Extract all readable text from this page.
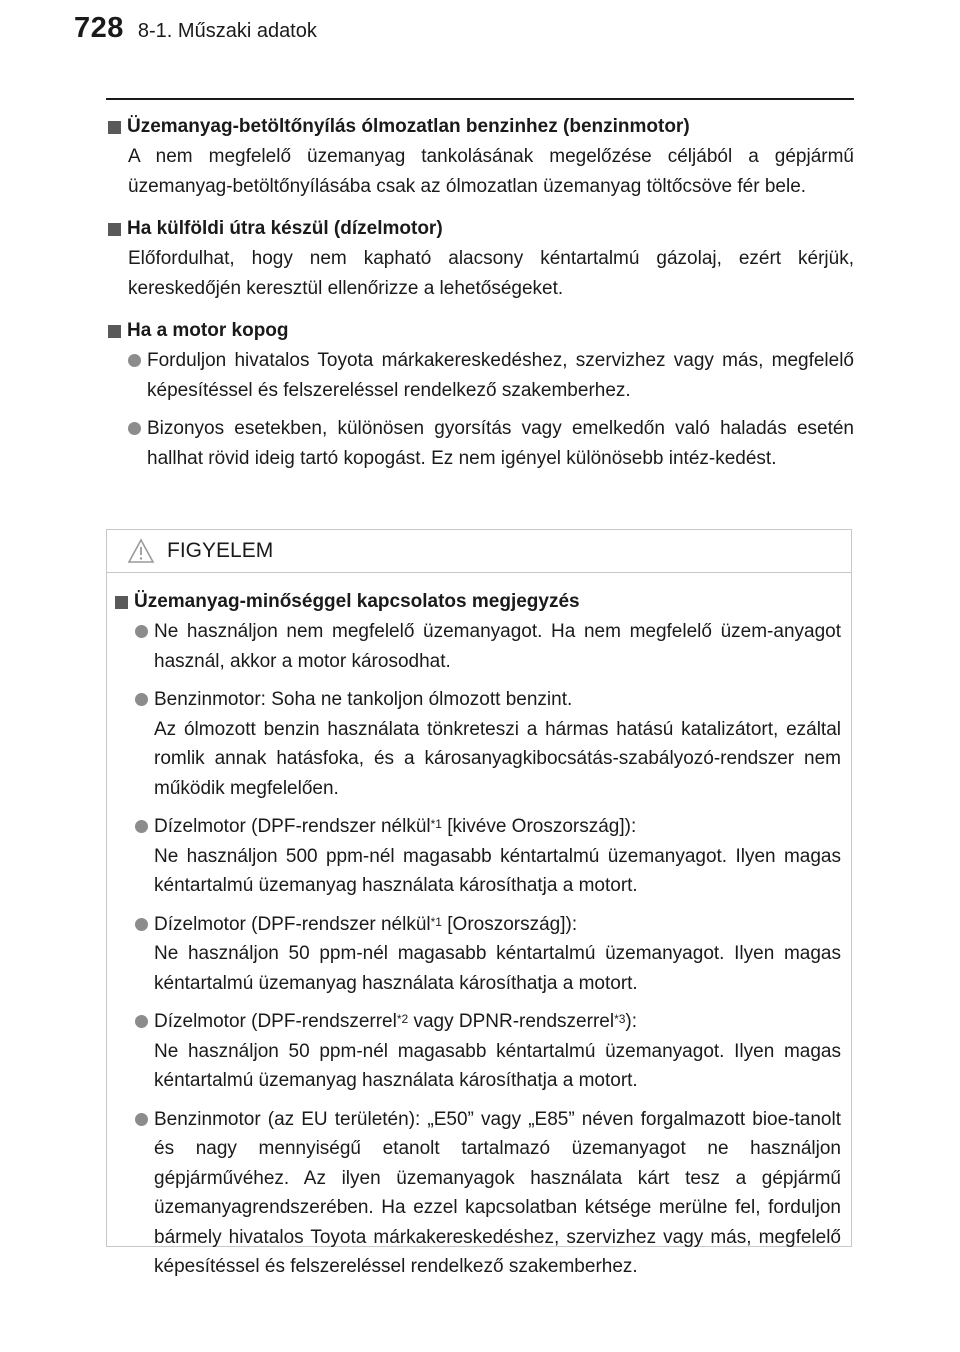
728 8-1. Műszaki adatok
Üzemanyag-betöltőnyílás ólmozatlan benzinhez (benzinmotor)
A nem megfelelő üzemanyag tankolásának megelőzése céljából a gépjármű üzemanyag-betöltőnyílásába csak az ólmozatlan üzemanyag töltőcsöve fér bele.
Ha külföldi útra készül (dízelmotor)
Előfordulhat, hogy nem kapható alacsony kéntartalmú gázolaj, ezért kérjük, kereskedőjén keresztül ellenőrizze a lehetőségeket.
Ha a motor kopog
Forduljon hivatalos Toyota márkakereskedéshez, szervizhez vagy más, megfelelő képesítéssel és felszereléssel rendelkező szakemberhez.
Bizonyos esetekben, különösen gyorsítás vagy emelkedőn való haladás esetén hallhat rövid ideig tartó kopogást. Ez nem igényel különösebb intéz-kedést.
FIGYELEM
Üzemanyag-minőséggel kapcsolatos megjegyzés
Ne használjon nem megfelelő üzemanyagot. Ha nem megfelelő üzem-anyagot használ, akkor a motor károsodhat.
Benzinmotor: Soha ne tankoljon ólmozott benzint.
Az ólmozott benzin használata tönkreteszi a hármas hatású katalizátort, ezáltal romlik annak hatásfoka, és a károsanyagkibocsátás-szabályozó-rendszer nem működik megfelelően.
Dízelmotor (DPF-rendszer nélkül$^{*1}$ [kivéve Oroszország]):
Ne használjon 500 ppm-nél magasabb kéntartalmú üzemanyagot. Ilyen magas kéntartalmú üzemanyag használata károsíthatja a motort.
Dízelmotor (DPF-rendszer nélkül$^{*1}$ [Oroszország]):
Ne használjon 50 ppm-nél magasabb kéntartalmú üzemanyagot. Ilyen magas kéntartalmú üzemanyag használata károsíthatja a motort.
Dízelmotor (DPF-rendszerrel$^{*2}$ vagy DPNR-rendszerrel$^{*3}$):
Ne használjon 50 ppm-nél magasabb kéntartalmú üzemanyagot. Ilyen magas kéntartalmú üzemanyag használata károsíthatja a motort.
Benzinmotor (az EU területén): „E50” vagy „E85” néven forgalmazott bioe-tanolt és nagy mennyiségű etanolt tartalmazó üzemanyagot ne használjon gépjárművéhez. Az ilyen üzemanyagok használata kárt tesz a gépjármű üzemanyagrendszerében. Ha ezzel kapcsolatban kétsége merülne fel, forduljon bármely hivatalos Toyota márkakereskedéshez, szervizhez vagy más, megfelelő képesítéssel és felszereléssel rendelkező szakemberhez.
